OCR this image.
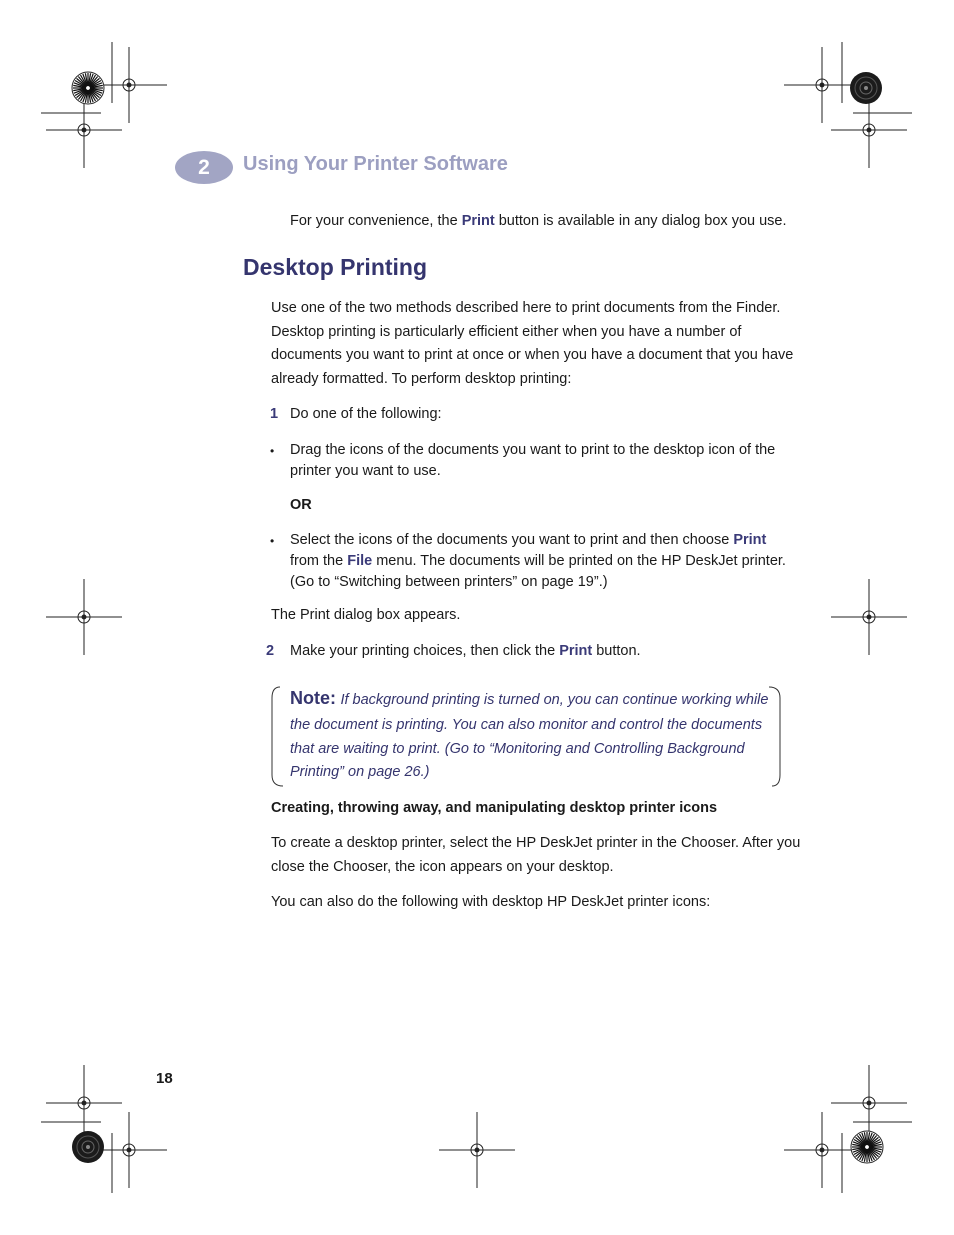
2	Using Your Printer Software
For your convenience, the Print button is available in any dialog box you use.
Desktop Printing
Use one of the two methods described here to print documents from the Finder.
Desktop printing is particularly efficient either when you have a number of
documents you want to print at once or when you have a document that you have
already formatted. To perform desktop printing:
1 Do one of the following:
• Drag the icons of the documents you want to print to the desktop icon of the
printer you want to use.
OR
• Select the icons of the documents you want to print and then choose Print
from the File menu. The documents will be printed on the HP DeskJet printer.
(Go to “Switching between printers” on page 19”.)
The Print dialog box appears.
2 Make your printing choices, then click the Print button.
Note: If background printing is turned on, you can continue working while
the document is printing. You can also monitor and control the documents
that are waiting to print. (Go to “Monitoring and Controlling Background
Printing” on page 26.)
Creating, throwing away, and manipulating desktop printer icons
To create a desktop printer, select the HP DeskJet printer in the Chooser. After you
close the Chooser, the icon appears on your desktop.
You can also do the following with desktop HP DeskJet printer icons:
18
